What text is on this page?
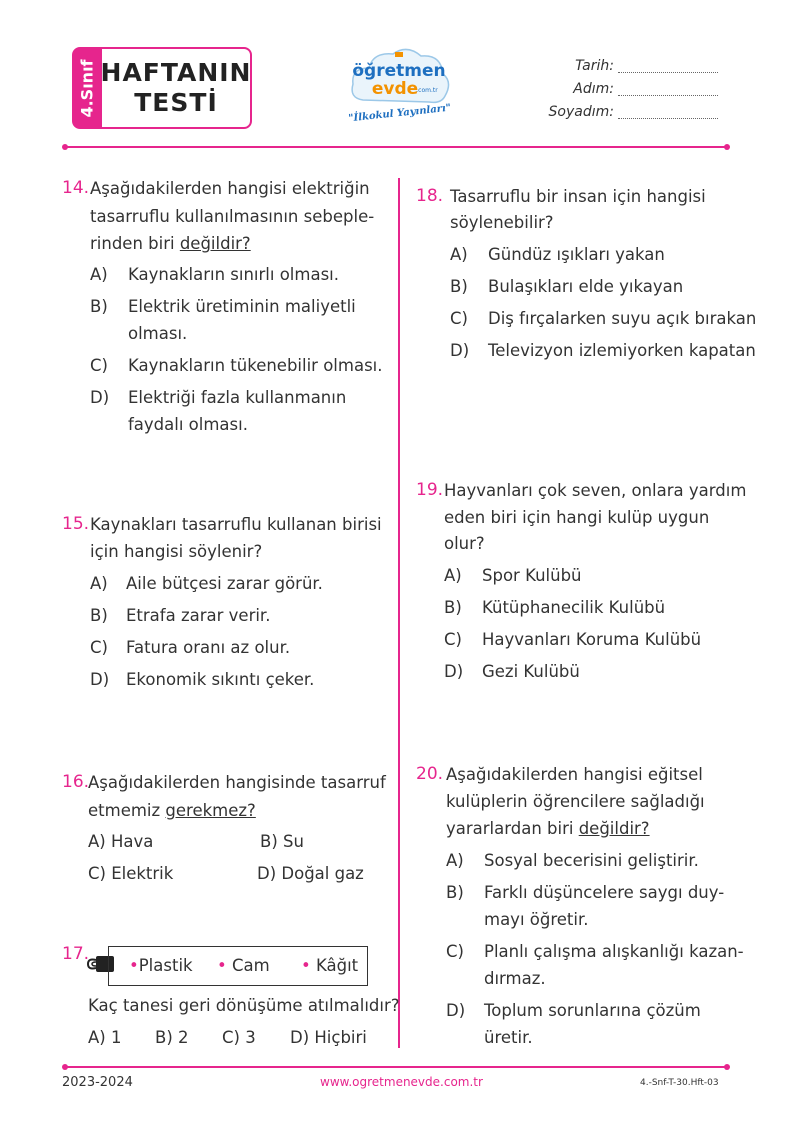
4.Sınıf HAFTANIN
TESTİ
öğretmen
evde
.com.tr
"İlkokul Yayınları"
Tarih:
Adım:
Soyadım:
14. Aşağıdakilerden hangisi elektriğin
tasarruflu kullanılmasının sebeple-
rinden biri değildir?
A) Kaynakların sınırlı olması.
B) Elektrik üretiminin maliyetli
olması.
C) Kaynakların tükenebilir olması.
D) Elektriği fazla kullanmanın
faydalı olması.
15. Kaynakları tasarruflu kullanan birisi
için hangisi söylenir?
A) Aile bütçesi zarar görür.
B) Etrafa zarar verir.
C) Fatura oranı az olur.
D) Ekonomik sıkıntı çeker.
16.
Aşağıdakilerden hangisinde tasarruf
etmemiz gerekmez?
A) Hava	B) Su
C) Elektrik	D) Doğal gaz
17.
•Plastik • Cam • Kâğıt
Kaç tanesi geri dönüşüme atılmalıdır?
A) 1 B) 2 C) 3 D) Hiçbiri
18. Tasarruflu bir insan için hangisi
söylenebilir?
A) Gündüz ışıkları yakan
B) Bulaşıkları elde yıkayan
C) Diş fırçalarken suyu açık bırakan
D) Televizyon izlemiyorken kapatan
19. Hayvanları çok seven, onlara yardım
eden biri için hangi kulüp uygun
olur?
A) Spor Kulübü
B) Kütüphanecilik Kulübü
C) Hayvanları Koruma Kulübü
D) Gezi Kulübü
20. Aşağıdakilerden hangisi eğitsel
kulüplerin öğrencilere sağladığı
yararlardan biri değildir?
A) Sosyal becerisini geliştirir.
B) Farklı düşüncelere saygı duy-
mayı öğretir.
C) Planlı çalışma alışkanlığı kazan-
dırmaz.
D) Toplum sorunlarına çözüm
üretir.
2023-2024	www.ogretmenevde.com.tr	4.-Snf-T-30.Hft-03
